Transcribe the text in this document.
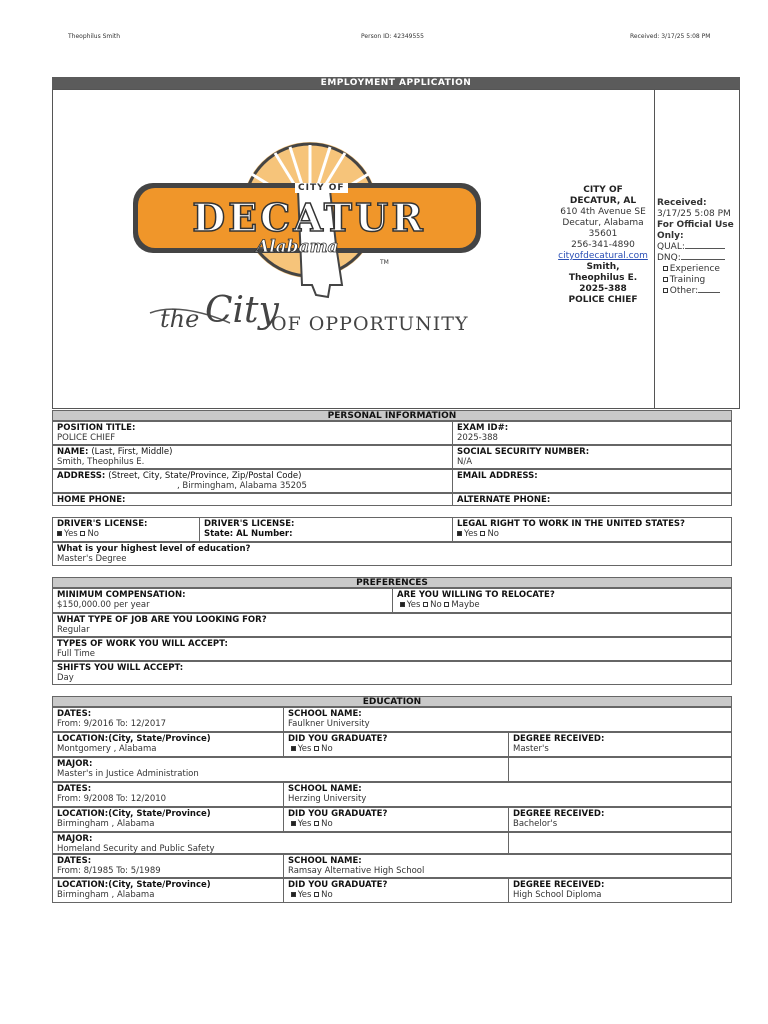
Theophilus Smith	Person ID: 42349555	Received: 3/17/25 5:08 PM
EMPLOYMENT APPLICATION
CITY OF
DECATUR
Alabama
TM
the City
OF OPPORTUNITY
CITY OF
DECATUR, AL
610 4th Avenue SE
Decatur, Alabama
35601
256-341-4890
cityofdecatural.com
Smith,
Theophilus E.
2025-388
POLICE CHIEF
Received:
3/17/25 5:08 PM
For Official Use
Only:
QUAL:
DNQ:
Experience
Training
Other:
PERSONAL INFORMATION
POSITION TITLE:
POLICE CHIEF
EXAM ID#:
2025-388
NAME: (Last, First, Middle)
Smith, Theophilus E.
SOCIAL SECURITY NUMBER:
N/A
ADDRESS: (Street, City, State/Province, Zip/Postal Code)
, Birmingham, Alabama 35205
EMAIL ADDRESS:
HOME PHONE:	ALTERNATE PHONE:
DRIVER'S LICENSE:
Yes No
DRIVER'S LICENSE:
State: AL Number:
LEGAL RIGHT TO WORK IN THE UNITED STATES?
Yes No
What is your highest level of education?
Master's Degree
PREFERENCES
MINIMUM COMPENSATION:
$150,000.00 per year
ARE YOU WILLING TO RELOCATE?
Yes No Maybe
WHAT TYPE OF JOB ARE YOU LOOKING FOR?
Regular
TYPES OF WORK YOU WILL ACCEPT:
Full Time
SHIFTS YOU WILL ACCEPT:
Day
EDUCATION
DATES:
From: 9/2016 To: 12/2017
SCHOOL NAME:
Faulkner University
LOCATION:(City, State/Province)
Montgomery , Alabama
DID YOU GRADUATE?
Yes No
DEGREE RECEIVED:
Master's
MAJOR:
Master's in Justice Administration
DATES:
From: 9/2008 To: 12/2010
SCHOOL NAME:
Herzing University
LOCATION:(City, State/Province)
Birmingham , Alabama
DID YOU GRADUATE?
Yes No
DEGREE RECEIVED:
Bachelor's
MAJOR:
Homeland Security and Public Safety
DATES:
From: 8/1985 To: 5/1989
SCHOOL NAME:
Ramsay Alternative High School
LOCATION:(City, State/Province)
Birmingham , Alabama
DID YOU GRADUATE?
Yes No
DEGREE RECEIVED:
High School Diploma
